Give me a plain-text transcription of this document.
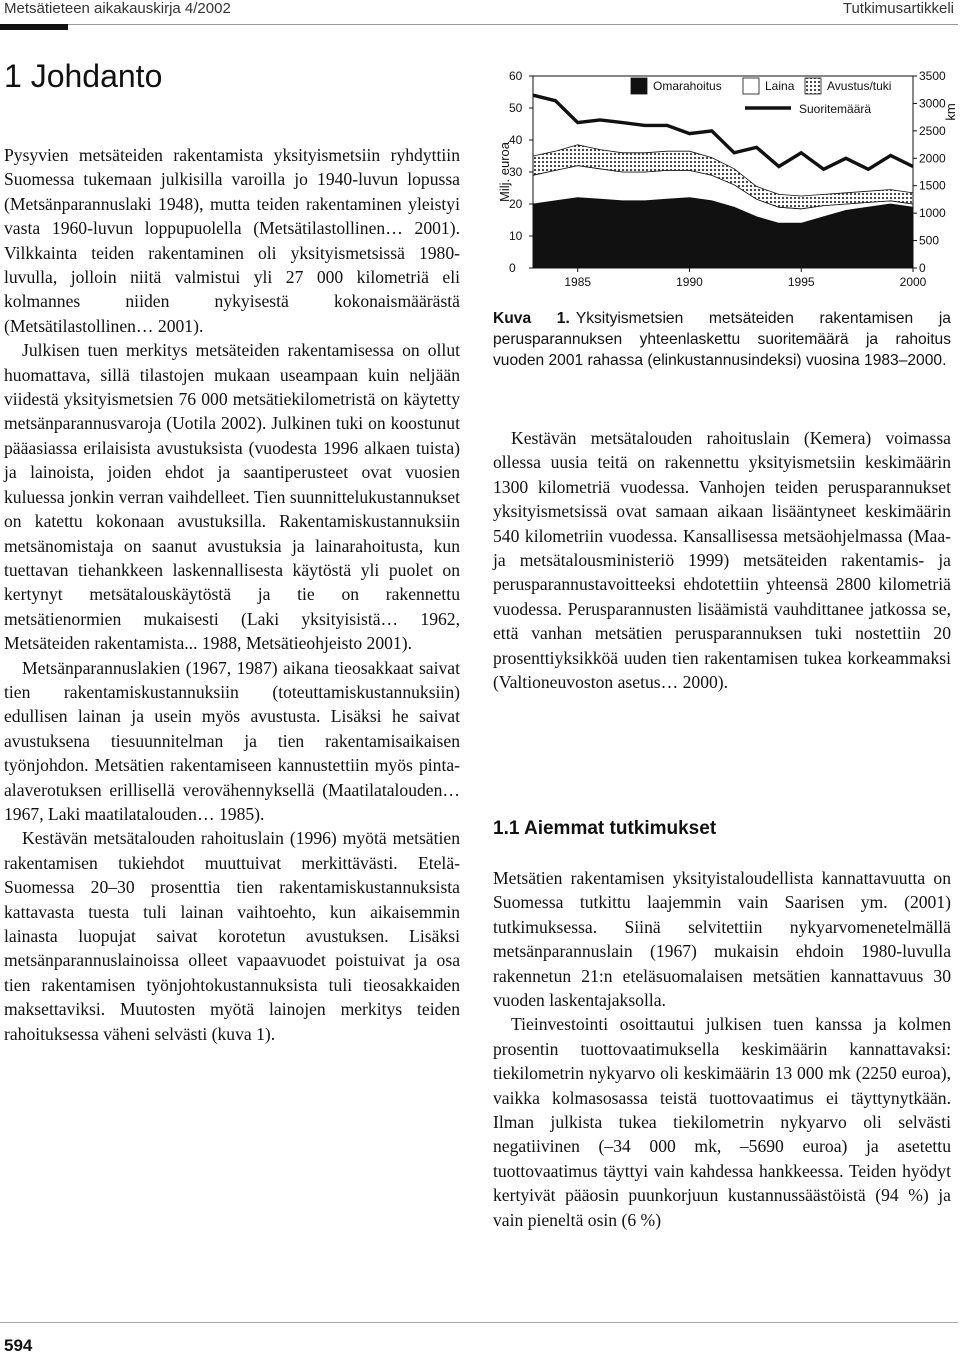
Metsätieteen aikakauskirja 4/2002	Tutkimusartikkeli
1 Johdanto

Pysyvien metsäteiden rakentamista yksityismetsiin ryhdyttiin Suomessa tukemaan julkisilla varoilla jo 1940-luvun lopussa (Metsänparannuslaki 1948), mutta teiden rakentaminen yleistyi vasta 1960-luvun loppupuolella (Metsätilastollinen… 2001). Vilkkainta teiden rakentaminen oli yksityismetsissä 1980-luvulla, jolloin niitä valmistui yli 27 000 kilometriä eli kolmannes niiden nykyisestä kokonaismäärästä (Metsätilastollinen… 2001).

Julkisen tuen merkitys metsäteiden rakentamisessa on ollut huomattava, sillä tilastojen mukaan useampaan kuin neljään viidestä yksityismetsien 76 000 metsätiekilometristä on käytetty metsänparannusvaroja (Uotila 2002). Julkinen tuki on koostunut pääasiassa erilaisista avustuksista (vuodesta 1996 alkaen tuista) ja lainoista, joiden ehdot ja saantiperusteet ovat vuosien kuluessa jonkin verran vaihdelleet. Tien suunnittelukustannukset on katettu kokonaan avustuksilla. Rakentamiskustannuksiin metsänomistaja on saanut avustuksia ja lainarahoitusta, kun tuettavan tiehankkeen laskennallisesta käytöstä yli puolet on kertynyt metsätalouskäytöstä ja tie on rakennettu metsätienormien mukaisesti (Laki yksityisistä… 1962, Metsäteiden rakentamista... 1988, Metsätieohjeisto 2001).

Metsänparannuslakien (1967, 1987) aikana tieosakkaat saivat tien rakentamiskustannuksiin (toteuttamiskustannuksiin) edullisen lainan ja usein myös avustusta. Lisäksi he saivat avustuksena tiesuunnitelman ja tien rakentamisaikaisen työnjohdon. Metsätien rakentamiseen kannustettiin myös pinta-alaverotuksen erillisellä verovähennyksellä (Maatilatalouden… 1967, Laki maatilatalouden… 1985).

Kestävän metsätalouden rahoituslain (1996) myötä metsätien rakentamisen tukiehdot muuttuivat merkittävästi. Etelä-Suomessa 20–30 prosenttia tien rakentamiskustannuksista kattavasta tuesta tuli lainan vaihtoehto, kun aikaisemmin lainasta luopujat saivat korotetun avustuksen. Lisäksi metsänparannuslainoissa olleet vapaavuodet poistuivat ja osa tien rakentamisen työnjohtokustannuksista tuli tieosakkaiden maksettaviksi. Muutosten myötä lainojen merkitys teiden rahoituksessa väheni selvästi (kuva 1).

0
10
20
30
40
50
60
0
500
1000
1500
2000
2500
3000
3500
1985	1990	1995	2000
Milj. euroa
km
Omarahoitus	Laina	Avustus/tuki
Suoritemäärä
Kuva 1. Yksityismetsien metsäteiden rakentamisen ja perusparannuksen yhteenlaskettu suoritemäärä ja rahoitus vuoden 2001 rahassa (elinkustannusindeksi) vuosina 1983–2000.

Kestävän metsätalouden rahoituslain (Kemera) voimassa ollessa uusia teitä on rakennettu yksityismetsiin keskimäärin 1300 kilometriä vuodessa. Vanhojen teiden perusparannukset yksityismetsissä ovat samaan aikaan lisääntyneet keskimäärin 540 kilometriin vuodessa. Kansallisessa metsäohjelmassa (Maa- ja metsätalousministeriö 1999) metsäteiden rakentamis- ja perusparannustavoitteeksi ehdotettiin yhteensä 2800 kilometriä vuodessa. Perusparannusten lisäämistä vauhdittanee jatkossa se, että vanhan metsätien perusparannuksen tuki nostettiin 20 prosenttiyksikköä uuden tien rakentamisen tukea korkeammaksi (Valtioneuvoston asetus… 2000).

1.1 Aiemmat tutkimukset

Metsätien rakentamisen yksityistaloudellista kannattavuutta on Suomessa tutkittu laajemmin vain Saarisen ym. (2001) tutkimuksessa. Siinä selvitettiin nykyarvomenetelmällä metsänparannuslain (1967) mukaisin ehdoin 1980-luvulla rakennetun 21:n eteläsuomalaisen metsätien kannattavuus 30 vuoden laskentajaksolla.

Tieinvestointi osoittautui julkisen tuen kanssa ja kolmen prosentin tuottovaatimuksella keskimäärin kannattavaksi: tiekilometrin nykyarvo oli keskimäärin 13 000 mk (2250 euroa), vaikka kolmasosassa teistä tuottovaatimus ei täyttynytkään. Ilman julkista tukea tiekilometrin nykyarvo oli selvästi negatiivinen (–34 000 mk, –5690 euroa) ja asetettu tuottovaatimus täyttyi vain kahdessa hankkeessa. Teiden hyödyt kertyivät pääosin puunkorjuun kustannussäästöistä (94 %) ja vain pieneltä osin (6 %)

594
